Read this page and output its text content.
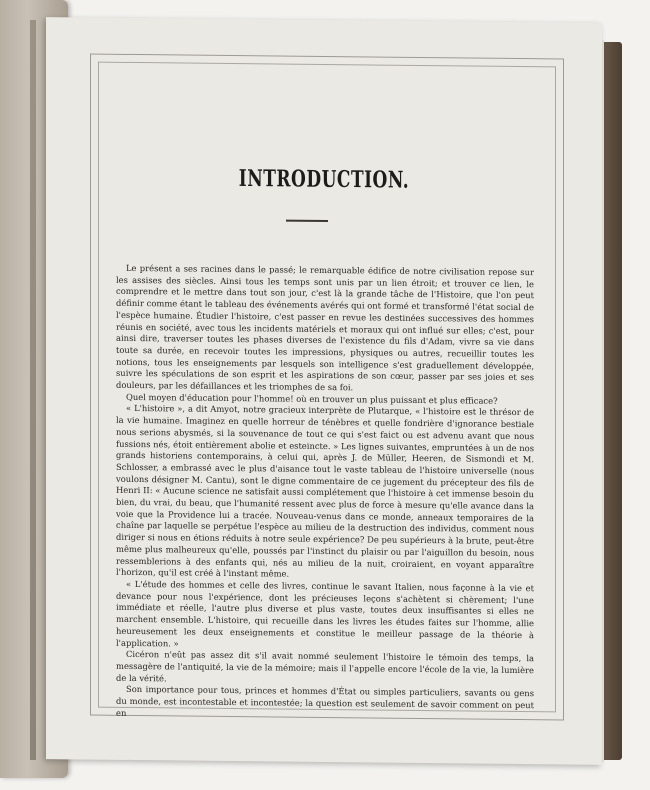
INTRODUCTION.

Le présent a ses racines dans le passé; le remarquable édifice de notre civilisation repose sur les assises des siècles. Ainsi tous les temps sont unis par un lien étroit; et trouver ce lien, le comprendre et le mettre dans tout son jour, c'est là la grande tâche de l'Histoire, que l'on peut définir comme étant le tableau des événements avérés qui ont formé et transformé l'état social de l'espèce humaine. Étudier l'histoire, c'est passer en revue les destinées successives des hommes réunis en société, avec tous les incidents matériels et moraux qui ont influé sur elles; c'est, pour ainsi dire, traverser toutes les phases diverses de l'existence du fils d'Adam, vivre sa vie dans toute sa durée, en recevoir toutes les impressions, physiques ou autres, recueillir toutes les notions, tous les enseignements par lesquels son intelligence s'est graduellement développée, suivre les spéculations de son esprit et les aspirations de son cœur, passer par ses joies et ses douleurs, par les défaillances et les triomphes de sa foi.

Quel moyen d'éducation pour l'homme! où en trouver un plus puissant et plus efficace?

« L'histoire », a dit Amyot, notre gracieux interprète de Plutarque, « l'histoire est le thrésor de la vie humaine. Imaginez en quelle horreur de ténèbres et quelle fondrière d'ignorance bestiale nous serions abysmés, si la souvenance de tout ce qui s'est faict ou est advenu avant que nous fussions nés, étoit entièrement abolie et esteincte. » Les lignes suivantes, empruntées à un de nos grands historiens contemporains, à celui qui, après J. de Müller, Heeren, de Sismondi et M. Schlosser, a embrassé avec le plus d'aisance tout le vaste tableau de l'histoire universelle (nous voulons désigner M. Cantu), sont le digne commentaire de ce jugement du précepteur des fils de Henri II: « Aucune science ne satisfait aussi complétement que l'histoire à cet immense besoin du bien, du vrai, du beau, que l'humanité ressent avec plus de force à mesure qu'elle avance dans la voie que la Providence lui a tracée. Nouveau-venus dans ce monde, anneaux temporaires de la chaîne par laquelle se perpétue l'espèce au milieu de la destruction des individus, comment nous diriger si nous en étions réduits à notre seule expérience? De peu supérieurs à la brute, peut-être même plus malheureux qu'elle, poussés par l'instinct du plaisir ou par l'aiguillon du besoin, nous ressemblerions à des enfants qui, nés au milieu de la nuit, croiraient, en voyant apparaître l'horizon, qu'il est créé à l'instant même.

« L'étude des hommes et celle des livres, continue le savant Italien, nous façonne à la vie et devance pour nous l'expérience, dont les précieuses leçons s'achètent si chèrement; l'une immédiate et réelle, l'autre plus diverse et plus vaste, toutes deux insuffisantes si elles ne marchent ensemble. L'histoire, qui recueille dans les livres les études faites sur l'homme, allie heureusement les deux enseignements et constitue le meilleur passage de la théorie à l'application. »

Cicéron n'eût pas assez dit s'il avait nommé seulement l'histoire le témoin des temps, la messagère de l'antiquité, la vie de la mémoire; mais il l'appelle encore l'école de la vie, la lumière de la vérité.

Son importance pour tous, princes et hommes d'État ou simples particuliers, savants ou gens du monde, est incontestable et incontestée; la question est seulement de savoir comment on peut en
